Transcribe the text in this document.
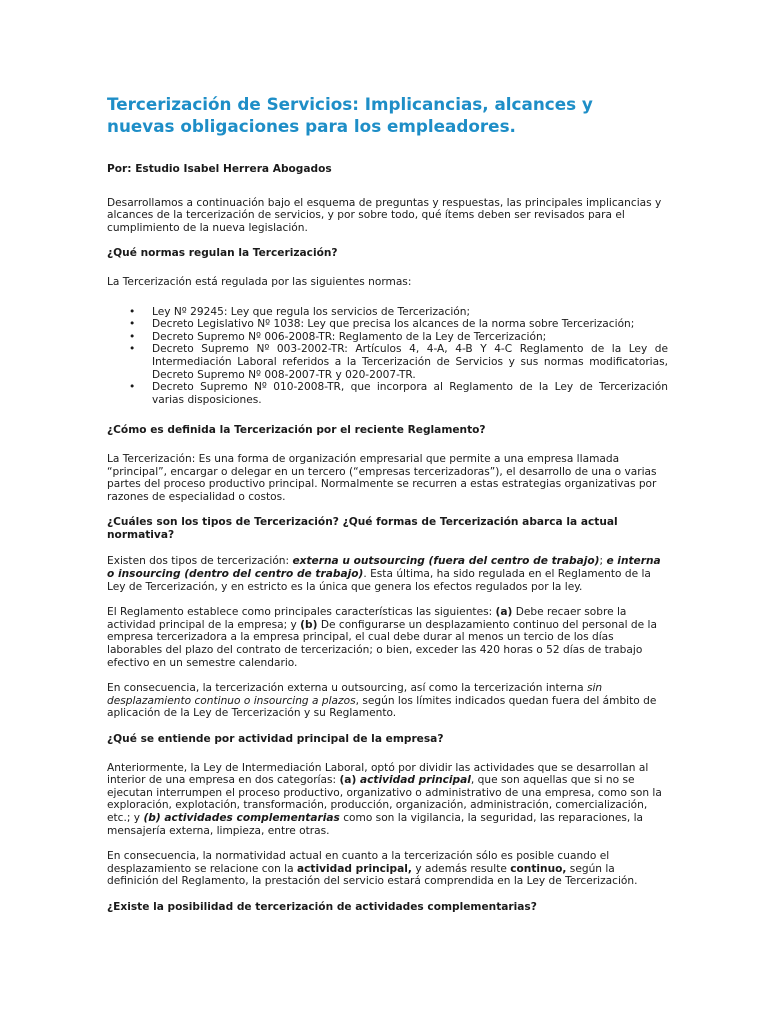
Tercerización de Servicios: Implicancias, alcances y nuevas obligaciones para los empleadores.

Por: Estudio Isabel Herrera Abogados

Desarrollamos a continuación bajo el esquema de preguntas y respuestas, las principales implicancias y alcances de la tercerización de servicios, y por sobre todo, qué ítems deben ser revisados para el cumplimiento de la nueva legislación.

¿Qué normas regulan la Tercerización?

La Tercerización está regulada por las siguientes normas:

• Ley Nº 29245: Ley que regula los servicios de Tercerización;
• Decreto Legislativo Nº 1038: Ley que precisa los alcances de la norma sobre Tercerización;
• Decreto Supremo Nº 006-2008-TR: Reglamento de la Ley de Tercerización;
• Decreto Supremo Nº 003-2002-TR: Artículos 4, 4-A, 4-B Y 4-C Reglamento de la Ley de Intermediación Laboral referidos a la Tercerización de Servicios y sus normas modificatorias, Decreto Supremo Nº 008-2007-TR y 020-2007-TR.
• Decreto Supremo Nº 010-2008-TR, que incorpora al Reglamento de la Ley de Tercerización varias disposiciones.

¿Cómo es definida la Tercerización por el reciente Reglamento?

La Tercerización: Es una forma de organización empresarial que permite a una empresa llamada “principal”, encargar o delegar en un tercero (“empresas tercerizadoras”), el desarrollo de una o varias partes del proceso productivo principal. Normalmente se recurren a estas estrategias organizativas por razones de especialidad o costos.

¿Cuáles son los tipos de Tercerización? ¿Qué formas de Tercerización abarca la actual normativa?

Existen dos tipos de tercerización: externa u outsourcing (fuera del centro de trabajo); e interna o insourcing (dentro del centro de trabajo). Esta última, ha sido regulada en el Reglamento de la Ley de Tercerización, y en estricto es la única que genera los efectos regulados por la ley.

El Reglamento establece como principales características las siguientes: (a) Debe recaer sobre la actividad principal de la empresa; y (b) De configurarse un desplazamiento continuo del personal de la empresa tercerizadora a la empresa principal, el cual debe durar al menos un tercio de los días laborables del plazo del contrato de tercerización; o bien, exceder las 420 horas o 52 días de trabajo efectivo en un semestre calendario.

En consecuencia, la tercerización externa u outsourcing, así como la tercerización interna sin desplazamiento continuo o insourcing a plazos, según los límites indicados quedan fuera del ámbito de aplicación de la Ley de Tercerización y su Reglamento.

¿Qué se entiende por actividad principal de la empresa?

Anteriormente, la Ley de Intermediación Laboral, optó por dividir las actividades que se desarrollan al interior de una empresa en dos categorías: (a) actividad principal, que son aquellas que si no se ejecutan interrumpen el proceso productivo, organizativo o administrativo de una empresa, como son la exploración, explotación, transformación, producción, organización, administración, comercialización, etc.; y (b) actividades complementarias como son la vigilancia, la seguridad, las reparaciones, la mensajería externa, limpieza, entre otras.

En consecuencia, la normatividad actual en cuanto a la tercerización sólo es posible cuando el desplazamiento se relacione con la actividad principal, y además resulte continuo, según la definición del Reglamento, la prestación del servicio estará comprendida en la Ley de Tercerización.

¿Existe la posibilidad de tercerización de actividades complementarias?
